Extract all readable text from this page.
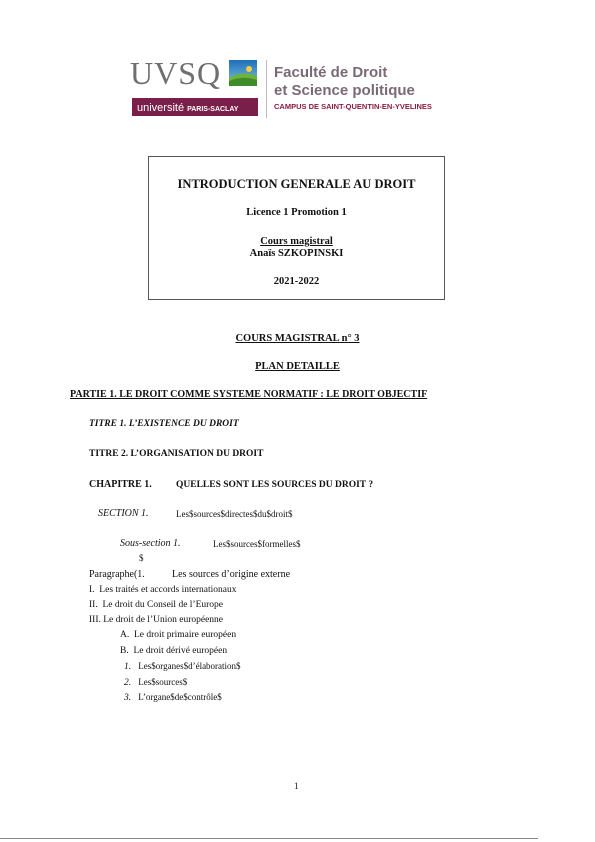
UVSQ
université PARIS-SACLAY
Faculté de Droit
et Science politique
CAMPUS DE SAINT-QUENTIN-EN-YVELINES
INTRODUCTION GENERALE AU DROIT
Licence 1 Promotion 1
Cours magistral
Anaïs SZKOPINSKI
2021-2022
COURS MAGISTRAL n° 3
PLAN DETAILLE
PARTIE 1. LE DROIT COMME SYSTEME NORMATIF : LE DROIT OBJECTIF
TITRE 1. L’EXISTENCE DU DROIT
TITRE 2. L’ORGANISATION DU DROIT
CHAPITRE 1.	QUELLES SONT LES SOURCES DU DROIT ?
SECTION 1.	Les$sources$directes$du$droit$
Sous-section 1.	Les$sources$formelles$
$
Paragraphe(1.	Les sources d’origine externe
I. Les traités et accords internationaux
II. Le droit du Conseil de l’Europe
III. Le droit de l’Union européenne
A. Le droit primaire européen
B. Le droit dérivé européen
1. Les$organes$d’élaboration$
2. Les$sources$
3. L’organe$de$contrôle$
1
